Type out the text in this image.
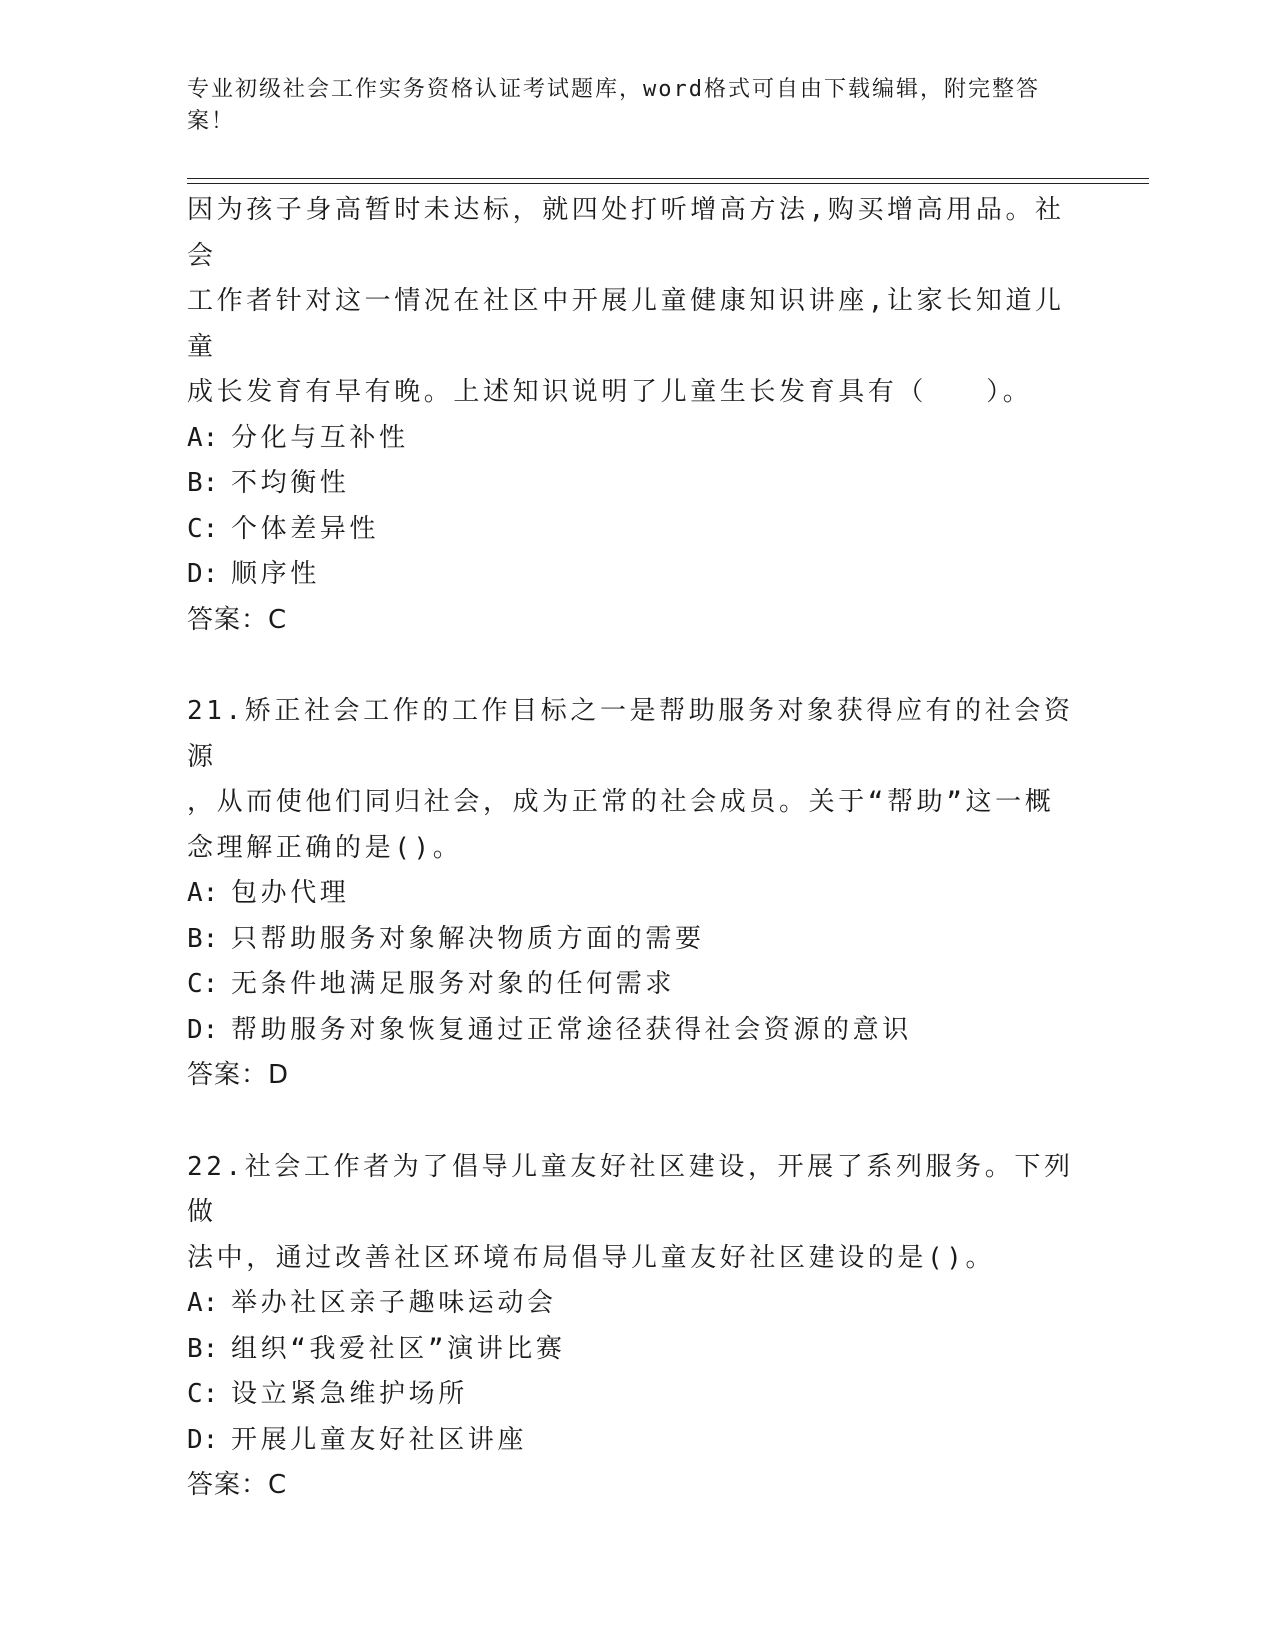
专业初级社会工作实务资格认证考试题库，word格式可自由下载编辑，附完整答案！

因为孩子身高暂时未达标，就四处打听增高方法,购买增高用品。社会
工作者针对这一情况在社区中开展儿童健康知识讲座,让家长知道儿童
成长发育有早有晚。上述知识说明了儿童生长发育具有（　　）。

A: 分化与互补性

B: 不均衡性

C: 个体差异性

D: 顺序性

答案：C

21.矫正社会工作的工作目标之一是帮助服务对象获得应有的社会资源
，从而使他们同归社会，成为正常的社会成员。关于“帮助”这一概
念理解正确的是()。

A: 包办代理

B: 只帮助服务对象解决物质方面的需要

C: 无条件地满足服务对象的任何需求

D: 帮助服务对象恢复通过正常途径获得社会资源的意识

答案：D

22.社会工作者为了倡导儿童友好社区建设，开展了系列服务。下列做
法中，通过改善社区环境布局倡导儿童友好社区建设的是()。

A: 举办社区亲子趣味运动会

B: 组织“我爱社区”演讲比赛

C: 设立紧急维护场所

D: 开展儿童友好社区讲座

答案：C
